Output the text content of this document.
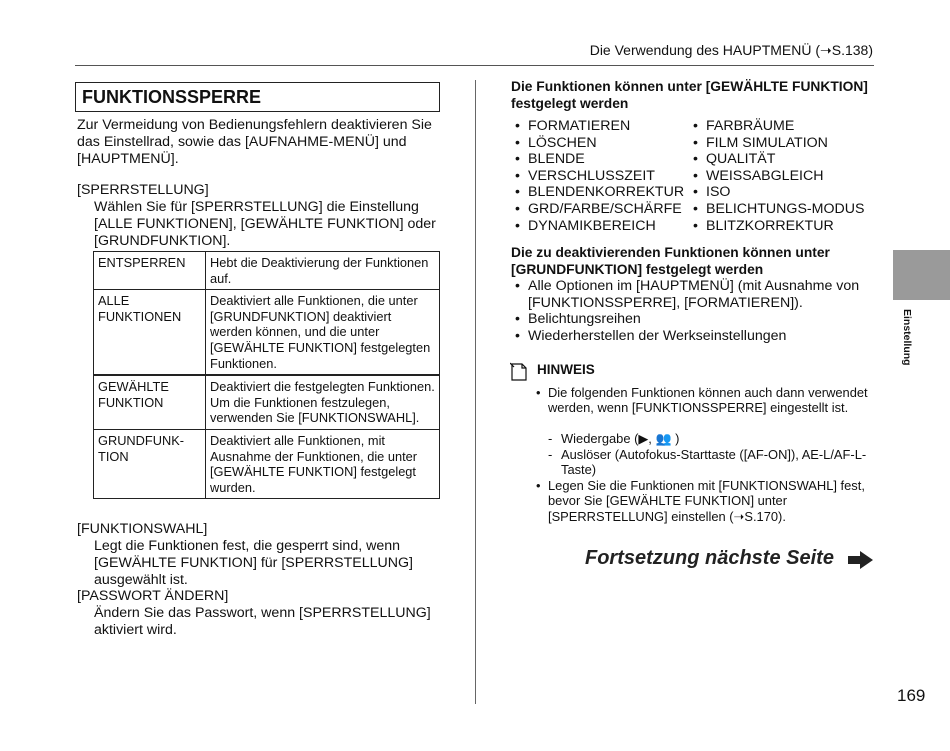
Die Verwendung des HAUPTMENÜ (➝S.138)
FUNKTIONSSPERRE
Zur Vermeidung von Bedienungsfehlern deaktivieren Sie das Einstellrad, sowie das [AUFNAHME-MENÜ] und [HAUPTMENÜ].
[SPERRSTELLUNG]
Wählen Sie für [SPERRSTELLUNG] die Einstellung [ALLE FUNKTIONEN], [GEWÄHLTE FUNKTION] oder [GRUNDFUNKTION].
ENTSPERREN	Hebt die Deaktivierung der Funktionen auf.
ALLE FUNKTIONEN	Deaktiviert alle Funktionen, die unter [GRUNDFUNKTION] deaktiviert werden können, und die unter [GEWÄHLTE FUNKTION] festgelegten Funktionen.
GEWÄHLTE FUNKTION	Deaktiviert die festgelegten Funktionen. Um die Funktionen festzulegen, verwenden Sie [FUNKTIONSWAHL].
GRUNDFUNK-TION	Deaktiviert alle Funktionen, mit Ausnahme der Funktionen, die unter [GEWÄHLTE FUNKTION] festgelegt wurden.
[FUNKTIONSWAHL]
Legt die Funktionen fest, die gesperrt sind, wenn [GEWÄHLTE FUNKTION] für [SPERRSTELLUNG] ausgewählt ist.
[PASSWORT ÄNDERN]
Ändern Sie das Passwort, wenn [SPERRSTELLUNG] aktiviert wird.
Die Funktionen können unter [GEWÄHLTE FUNKTION] festgelegt werden
• FORMATIEREN
• LÖSCHEN
• BLENDE
• VERSCHLUSSZEIT
• BLENDENKORREKTUR
• GRD/FARBE/SCHÄRFE
• DYNAMIKBEREICH
• FARBRÄUME
• FILM SIMULATION
• QUALITÄT
• WEISSABGLEICH
• ISO
• BELICHTUNGS-MODUS
• BLITZKORREKTUR
Die zu deaktivierenden Funktionen können unter [GRUNDFUNKTION] festgelegt werden
• Alle Optionen im [HAUPTMENÜ] (mit Ausnahme von [FUNKTIONSSPERRE], [FORMATIEREN]).
• Belichtungsreihen
• Wiederherstellen der Werkseinstellungen
HINWEIS
• Die folgenden Funktionen können auch dann verwendet werden, wenn [FUNKTIONSSPERRE] eingestellt ist.
- Wiedergabe (▶, 👥 )
- Auslöser (Autofokus-Starttaste ([AF-ON]), AE-L/AF-L-Taste)
• Legen Sie die Funktionen mit [FUNKTIONSWAHL] fest, bevor Sie [GEWÄHLTE FUNKTION] unter [SPERRSTELLUNG] einstellen (➝S.170).
Fortsetzung nächste Seite
Einstellung
169
